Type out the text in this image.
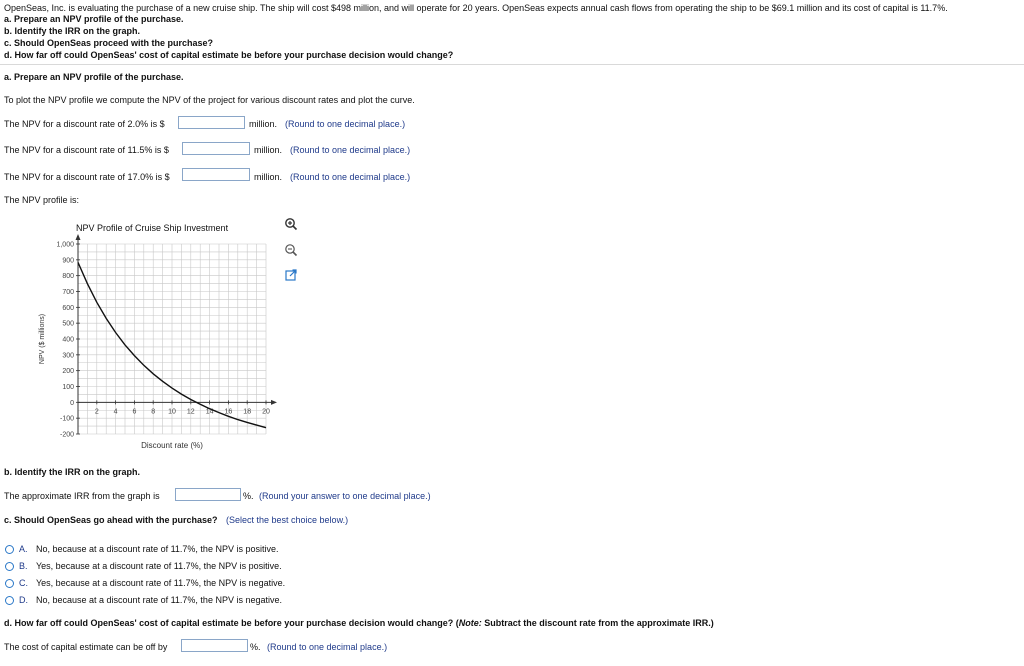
OpenSeas, Inc. is evaluating the purchase of a new cruise ship. The ship will cost $498 million, and will operate for 20 years. OpenSeas expects annual cash flows from operating the ship to be $69.1 million and its cost of capital is 11.7%.
a. Prepare an NPV profile of the purchase.
b. Identify the IRR on the graph.
c. Should OpenSeas proceed with the purchase?
d. How far off could OpenSeas' cost of capital estimate be before your purchase decision would change?
a. Prepare an NPV profile of the purchase.
To plot the NPV profile we compute the NPV of the project for various discount rates and plot the curve.
The NPV for a discount rate of 2.0% is $	million. (Round to one decimal place.)
The NPV for a discount rate of 11.5% is $	million. (Round to one decimal place.)
The NPV for a discount rate of 17.0% is $	million. (Round to one decimal place.)
The NPV profile is:
NPV Profile of Cruise Ship Investment
1,000
900
800
700
600
500
400
300
200
100
0
-100
-200
2 4 6 8 10 12 14 16 18 20
Discount rate (%)
NPV ($ millions)
b. Identify the IRR on the graph.
The approximate IRR from the graph is	%. (Round your answer to one decimal place.)
c. Should OpenSeas go ahead with the purchase? (Select the best choice below.)
A. No, because at a discount rate of 11.7%, the NPV is positive.
B. Yes, because at a discount rate of 11.7%, the NPV is positive.
C. Yes, because at a discount rate of 11.7%, the NPV is negative.
D. No, because at a discount rate of 11.7%, the NPV is negative.
d. How far off could OpenSeas' cost of capital estimate be before your purchase decision would change? (Note: Subtract the discount rate from the approximate IRR.)
The cost of capital estimate can be off by	%. (Round to one decimal place.)
